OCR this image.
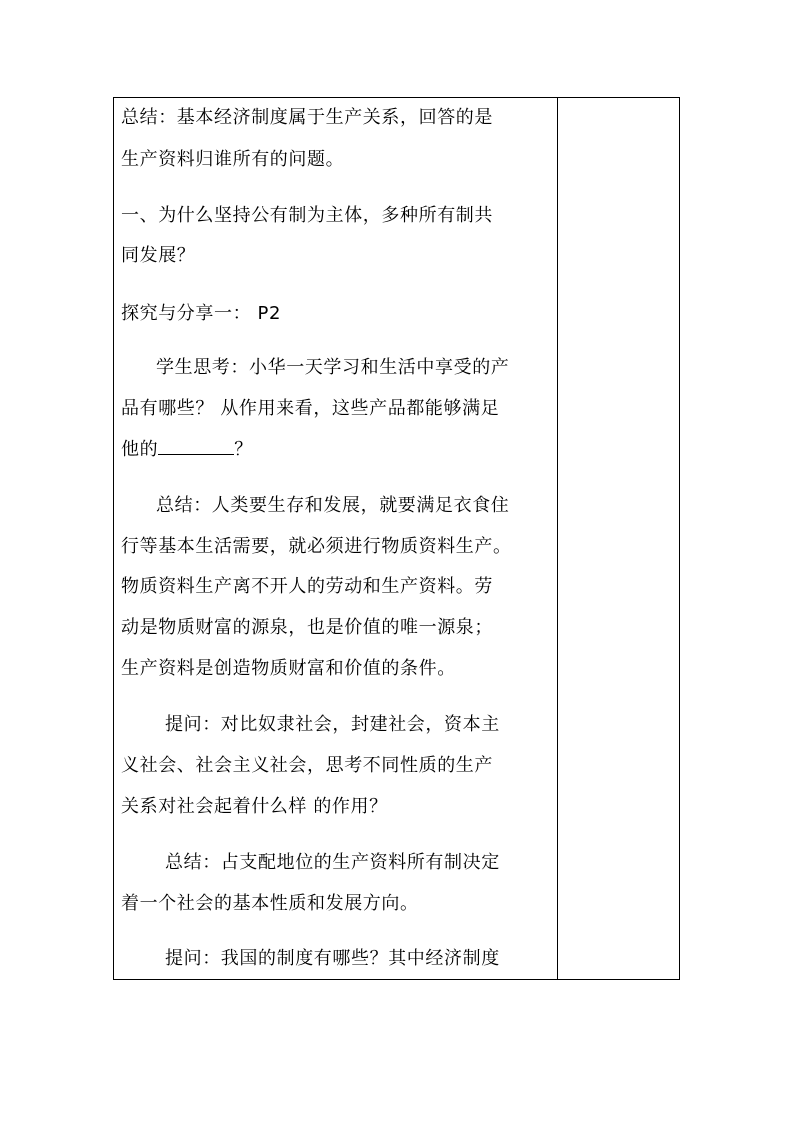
总结：基本经济制度属于生产关系，回答的是
生产资料归谁所有的问题。
一、为什么坚持公有制为主体，多种所有制共
同发展？
探究与分享一： P2
学生思考：小华一天学习和生活中享受的产
品有哪些？ 从作用来看，这些产品都能够满足
他的	？
总结：人类要生存和发展，就要满足衣食住
行等基本生活需要，就必须进行物质资料生产。
物质资料生产离不开人的劳动和生产资料。劳
动是物质财富的源泉，也是价值的唯一源泉；
生产资料是创造物质财富和价值的条件。
提问：对比奴隶社会，封建社会，资本主
义社会、社会主义社会，思考不同性质的生产
关系对社会起着什么样 的作用？
总结：占支配地位的生产资料所有制决定
着一个社会的基本性质和发展方向。
提问：我国的制度有哪些？其中经济制度
